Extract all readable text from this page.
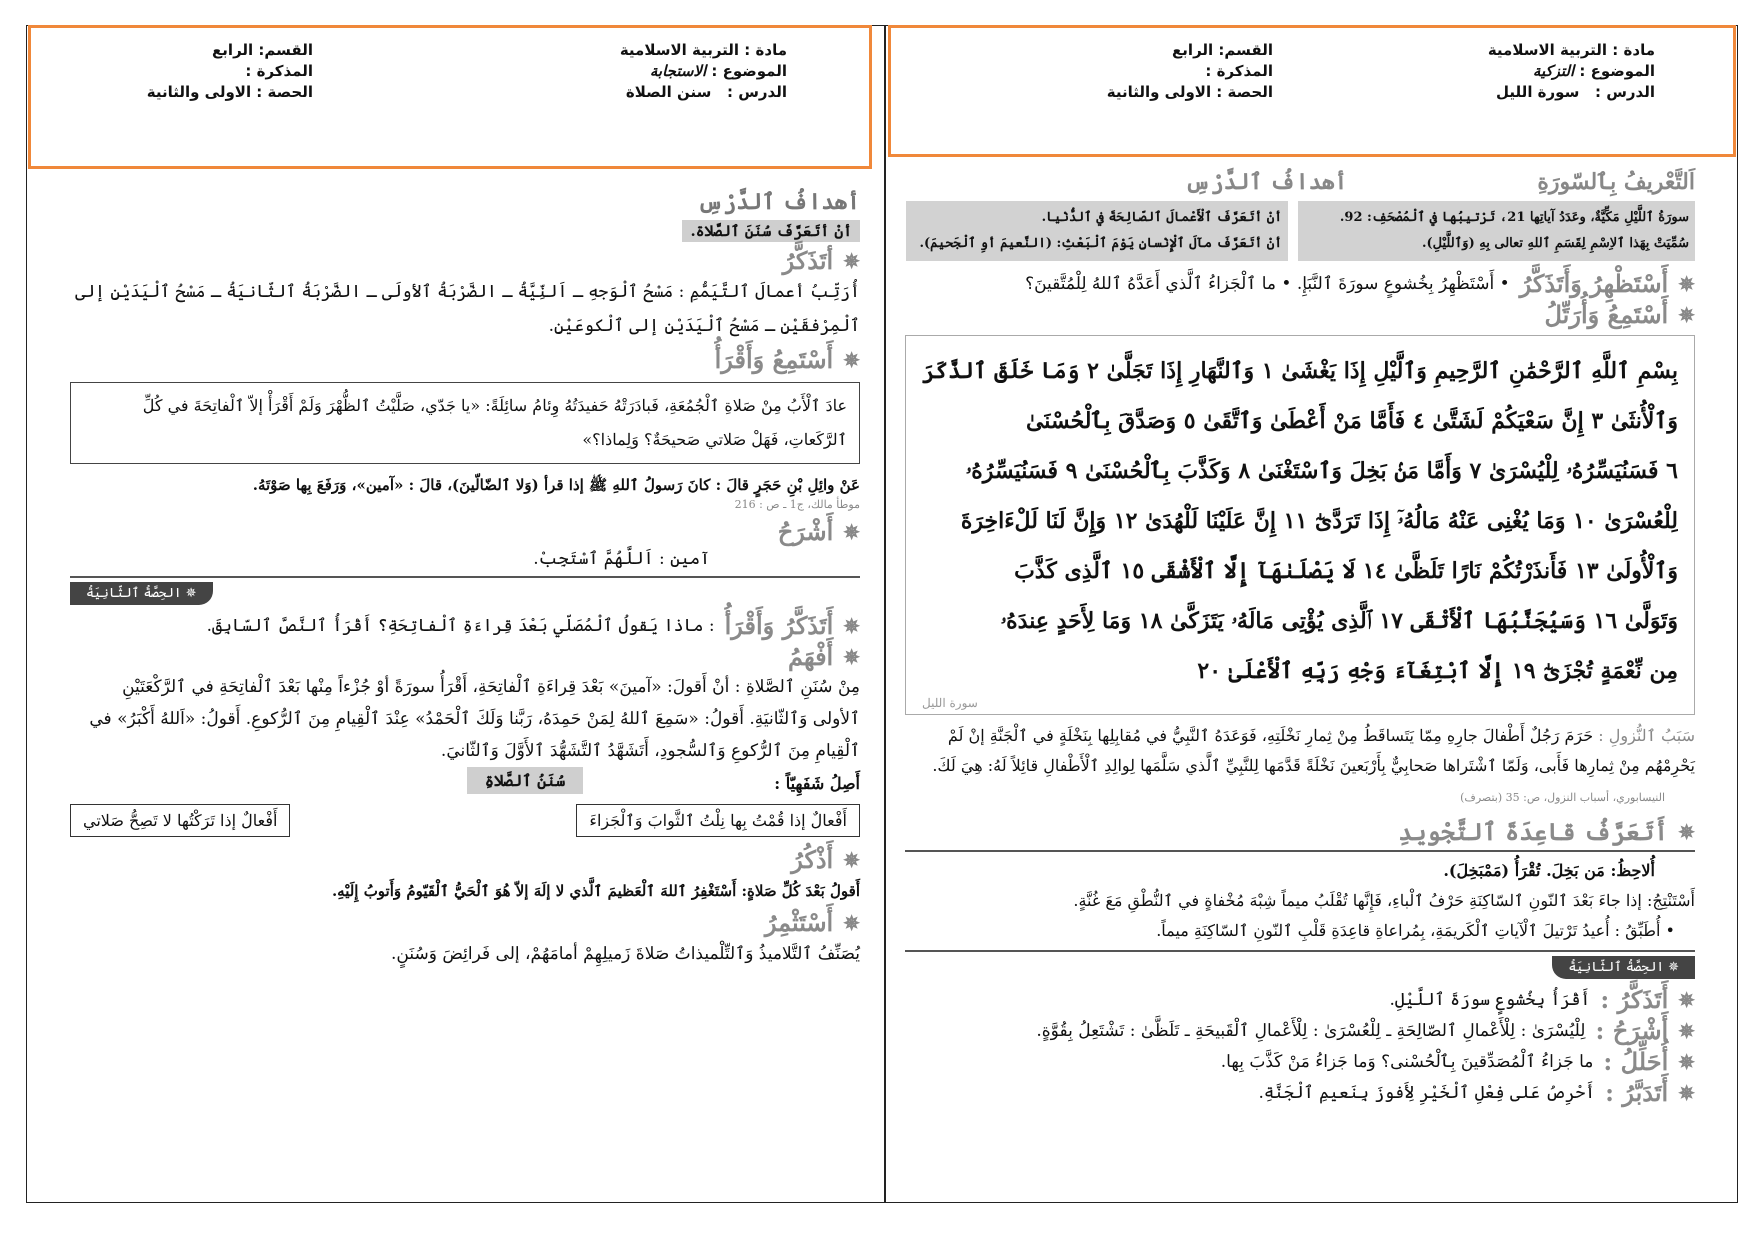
مادة : التربية الاسلامية
الموضوع : الاستجابة
الدرس :   سنن الصلاة
القسم: الرابع
المذكرة :
الحصة : الاولى والثانية
مادة : التربية الاسلامية
الموضوع : التزكية
الدرس :   سورة الليل
القسم: الرابع
المذكرة :
الحصة : الاولى والثانية
أهدافُ ٱلدَّرْسِ
أنْ أتَعَرَّفَ سُنَنَ ٱلصَّلاة.
✵
أتَذَكَّرُ
أُرَتِّبُ أعمالَ ٱلتَّيَمُّمِ : مَسْحُ ٱلْوَجهِ ـ اَلنِّيَّةُ ـ الضَّرْبَةُ ٱلأولَى ـ الضَّرْبَةُ ٱلثّانيَةُ ـ مَسْحُ ٱلْيَدَيْنِ إلى ٱلْمِرْفقَيْنِ ـ مَسْحُ ٱلْيَدَيْنِ إلى ٱلْكوعَيْنِ.
✵
أَسْتَمِعُ وَأَقْرَأُ
عادَ ٱلْأَبُ مِنْ صَلاةِ ٱلْجُمُعَةِ، فَبادَرَتْهُ حَفيدَتُهُ وِئامُ سائِلَةً: «يا جَدّي، صَلَّيْتُ ٱلظُّهْرَ وَلَمْ أَقْرَأْ إلاّ ٱلْفاتِحَةَ في كُلِّ ٱلرَّكَعاتِ، فَهَلْ صَلاتي صَحيحَةٌ؟ وَلِماذا؟»
عَنْ وائِلِ بْنِ حَجَرٍ قالَ : كانَ رَسولُ ٱللهِ ﷺ إذا قرأ (وَلا ٱلضّالّينَ)، قالَ : «آمين»، وَرَفَعَ بِها صَوْتَهُ.
موطأ مالك، ج1 ـ ص : 216
✵
أَشْرَحُ
آمين : اَللَّهُمَّ ٱسْتَجِبْ.
✵ الحِصَّةُ ٱلثّانِيَةُ
✵
أَتَذَكَّرُ وَأَقْرَأُ
: ماذا يَقولُ ٱلْمُصَلّي بَعْدَ قِراءَةِ ٱلْفاتِحَةِ؟ أَقْرَأُ ٱلنَّصَّ ٱلسّابِقَ.
✵
أَفْهَمُ
مِنْ سُنَنِ ٱلصَّلاةِ : أنْ أَقولَ: «آمينَ» بَعْدَ قِراءَةِ ٱلْفاتِحَةِ، أَقْرَأُ سورَةً أوْ جُزْءاً مِنْها بَعْدَ ٱلْفاتِحَةِ في ٱلرَّكْعَتَيْنِ ٱلأولى وَٱلثّانيَةِ. أَقولُ: «سَمِعَ ٱللهُ لِمَنْ حَمِدَهُ، رَبَّنا وَلَكَ ٱلْحَمْدُ» عِنْدَ ٱلْقِيامِ مِنَ ٱلرُّكوعِ. أَقولُ: «اَللهُ أَكْبَرُ» في ٱلْقِيامِ مِنَ ٱلرُّكوعِ وَٱلسُّجودِ، أَتَشَهَّدُ ٱلتَّشَهُّدَ ٱلأَوَّلَ وَٱلثّانيَ.
أَصِلُ شَفَهِيّاً :
سُنَنُ ٱلصَّلاةِ
أَفْعالٌ إذا قُمْتُ بِها نِلْتُ ٱلثَّوابَ وَٱلْجَزاءَ
أَفْعالٌ إذا تَرَكْتُها لا تَصِحُّ صَلاتي
✵
أَذْكُرُ
أَقولُ بَعْدَ كُلِّ صَلاةٍ: أَسْتَغْفِرُ ٱللهَ ٱلْعَظيمَ ٱلَّذي لا إلَهَ إلاّ هُوَ ٱلْحَيُّ ٱلْقَيّومُ وَأَتوبُ إِلَيْهِ.
✵
أَسْتَثْمِرُ
يُصَنِّفُ ٱلتَّلاميذُ وَٱلتِّلْميذاتُ صَلاةَ زَميلِهِمْ أمامَهُمْ، إلى فَرائِضَ وَسُنَنٍ.
اَلتَّعْريفُ بِٱلسّورَةِ
أهدافُ ٱلدَّرْسِ
سورَةُ ٱللَّيْلِ مَكِّيَّةٌ، وعَدَدُ آياتِها 21، تَرْتيبُها في ٱلْمُصْحَفِ: 92.
سُمِّيَتْ بِهَذا ٱلاِسْمِ لِقَسَمِ ٱللهِ تعالى بِهِ (وَٱللَّيْلِ).
أنْ أتَعَرَّفَ ٱلْأَعْمالَ ٱلصّالِحَةَ في ٱلدُّنْيا.
أنْ أتَعَرَّفَ مآلَ ٱلْإِنْسانِ يَوْمَ ٱلْبَعْثِ: (النَّعيمَ أوِ ٱلْجَحيمَ).
✵
أَسْتَظْهِرُ وَأَتَذَكَّرُ
• أَسْتَظْهِرُ بِخُشوعٍ سورَةَ ٱلنَّبَإِ. • ما ٱلْجَزاءُ ٱلَّذي أَعَدَّهُ ٱللهُ لِلْمُتَّقينَ؟
✵
أَسْتَمِعُ وَأُرَتِّلُ
بِسْمِ ٱللَّهِ ٱلرَّحْمَٰنِ ٱلرَّحِيمِ وَٱلَّيْلِ إِذَا يَغْشَىٰ ١ وَٱلنَّهَارِ إِذَا تَجَلَّىٰ ٢ وَمَا خَلَقَ ٱلذَّكَرَ
وَٱلْأُنثَىٰ ٣ إِنَّ سَعْيَكُمْ لَشَتَّىٰ ٤ فَأَمَّا مَنْ أَعْطَىٰ وَٱتَّقَىٰ ٥ وَصَدَّقَ بِٱلْحُسْنَىٰ
٦ فَسَنُيَسِّرُهُۥ لِلْيُسْرَىٰ ٧ وَأَمَّا مَنۢ بَخِلَ وَٱسْتَغْنَىٰ ٨ وَكَذَّبَ بِٱلْحُسْنَىٰ ٩ فَسَنُيَسِّرُهُۥ
لِلْعُسْرَىٰ ١٠ وَمَا يُغْنِى عَنْهُ مَالُهُۥٓ إِذَا تَرَدَّىٰٓ ١١ إِنَّ عَلَيْنَا لَلْهُدَىٰ ١٢ وَإِنَّ لَنَا لَلْءَاخِرَةَ
وَٱلْأُولَىٰ ١٣ فَأَنذَرْتُكُمْ نَارًا تَلَظَّىٰ ١٤ لَا يَصْلَىٰهَآ إِلَّا ٱلْأَشْقَى ١٥ ٱلَّذِى كَذَّبَ
وَتَوَلَّىٰ ١٦ وَسَيُجَنَّبُهَا ٱلْأَتْقَى ١٧ ٱلَّذِى يُؤْتِى مَالَهُۥ يَتَزَكَّىٰ ١٨ وَمَا لِأَحَدٍ عِندَهُۥ
مِن نِّعْمَةٍ تُجْزَىٰٓ ١٩ إِلَّا ٱبْتِغَآءَ وَجْهِ رَبِّهِ ٱلْأَعْلَىٰ ٢٠
سورة الليل
سَبَبُ ٱلنُّزولِ : حَرَمَ رَجُلٌ أَطْفالَ جارِهِ مِمّا يَتَساقَطُ مِنْ ثِمارِ نَخْلَتِهِ، فَوَعَدَهُ ٱلنَّبِيُّ في مُقابِلِها بِنَخْلَةٍ في ٱلْجَنَّةِ إنْ لَمْ يَحْرِمْهُم مِنْ ثِمارِها فَأَبى، وَلَمّا ٱشْتَراها صَحابِيٌّ بِأَرْبَعينَ نَخْلَةً قَدَّمَها لِلنَّبِيِّ ٱلَّذي سَلَّمَها لِوالِدِ ٱلْأَطْفالِ قائِلاً لَهُ: هِيَ لَكَ. النيسابوري، أسباب النزول، ص: 35 (بتصرف)
✵
أَتَعَرَّفُ قاعِدَةَ ٱلتَّجْويدِ
أُلاحِظُ: مَن بَخِلَ. تُقْرَأُ (مَمْبَخِلَ).
أَسْتَنْتِجُ: إذا جاءَ بَعْدَ ٱلنّونِ ٱلسّاكِنَةِ حَرْفُ ٱلْباءِ، فَإِنَّها تُقْلَبُ ميماً شِبْهَ مُخْفاةٍ في ٱلنُّطْقِ مَعَ غُنَّةٍ.
• أُطَبِّقُ : أُعيدُ تَرْتيلَ ٱلْآياتِ ٱلْكَريمَةِ، بِمُراعاةِ قاعِدَةِ قَلْبِ ٱلنّونِ ٱلسّاكِنَةِ ميماً.
✵ الحِصَّةُ ٱلثّانِيَةُ
✵
أَتَذَكَّرُ :
أَقْرَأُ بِخُشوعٍ سورَةَ ٱللَّيْلِ.
✵
أَشْرَحُ :
لِلْيُسْرَىٰ : لِلْأَعْمالِ ٱلصّالِحَةِ ـ لِلْعُسْرَىٰ : لِلْأَعْمالِ ٱلْقَبيحَةِ ـ تَلَظَّىٰ : تَشْتَعِلُ بِقُوَّةٍ.
✵
أُحَلِّلُ :
ما جَزاءُ ٱلْمُصَدِّقينَ بِٱلْحُسْنى؟ وَما جَزاءُ مَنْ كَذَّبَ بِها.
✵
أَتَدَبَّرُ :
أَحْرِصُ عَلى فِعْلِ ٱلْخَيْرِ لِأَفوزَ بِنَعيمِ ٱلْجَنَّةِ.
